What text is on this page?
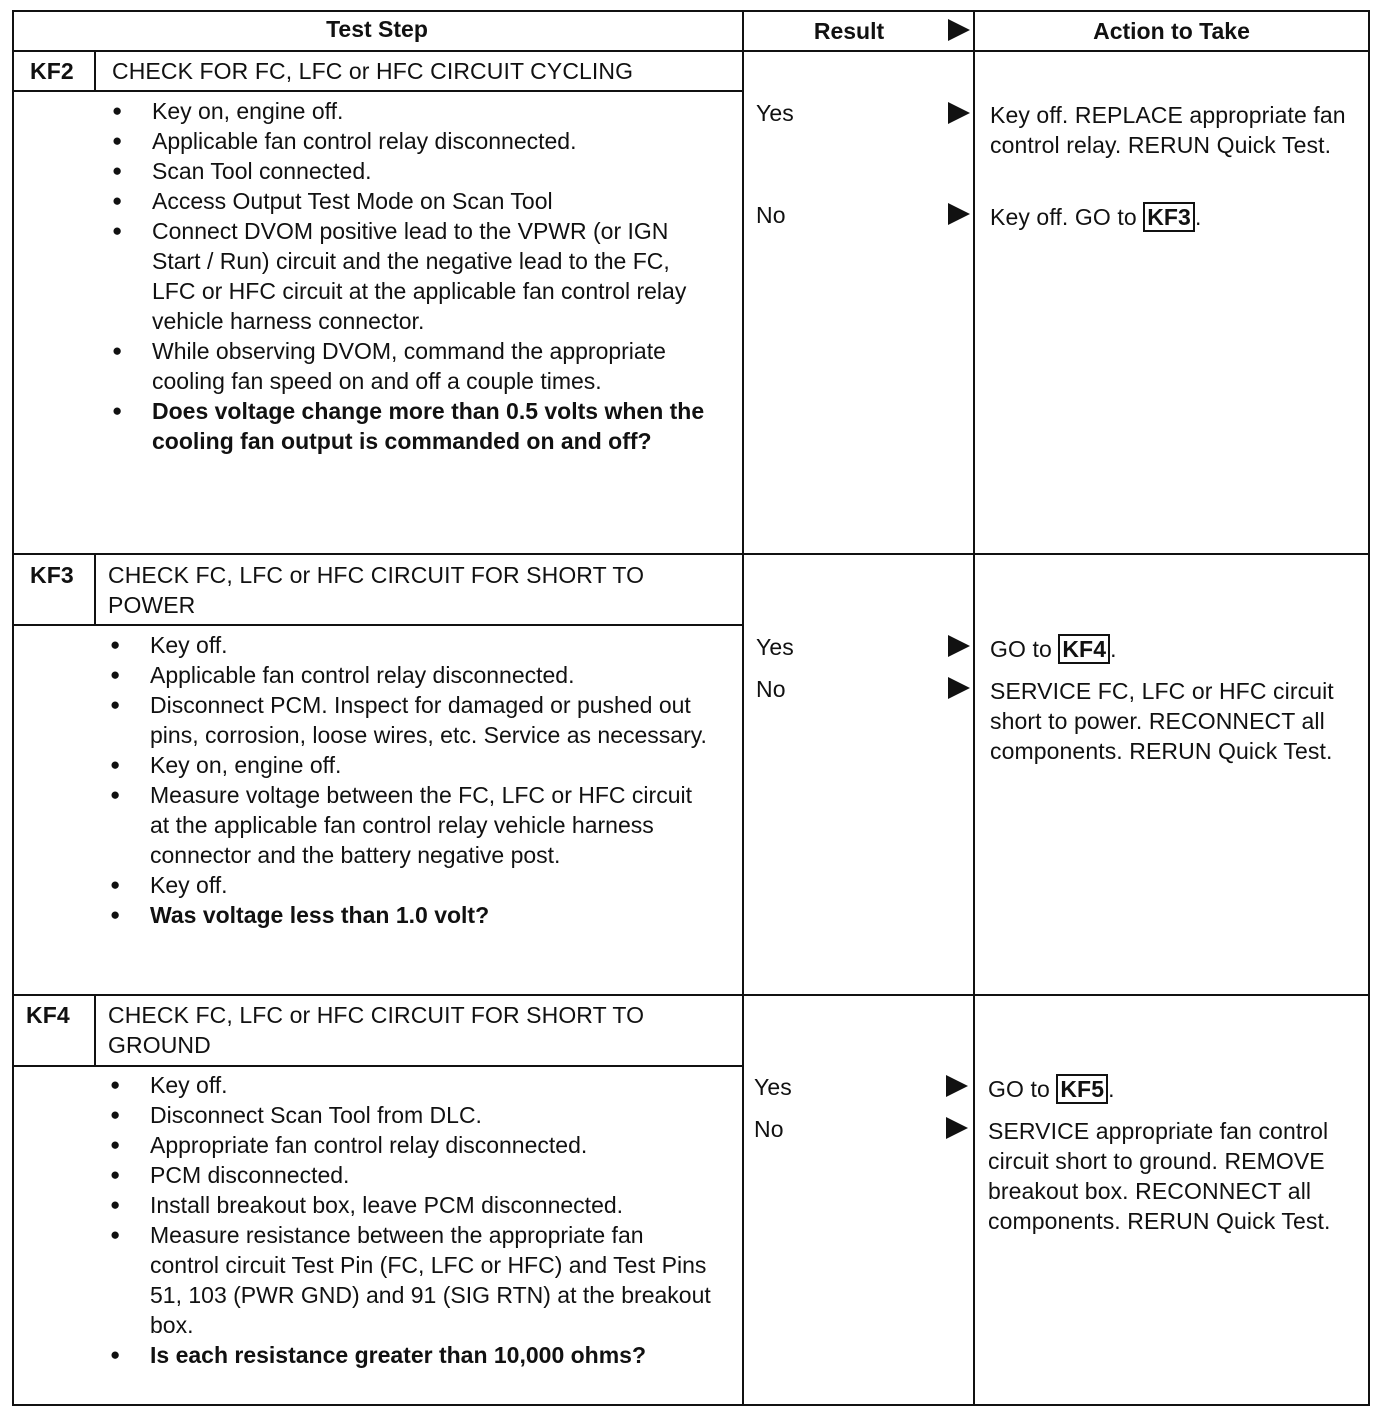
Test Step	Result	Action to Take
KF2 CHECK FOR FC, LFC or HFC CIRCUIT CYCLING
● Key on, engine off.
● Applicable fan control relay disconnected.
● Scan Tool connected.
● Access Output Test Mode on Scan Tool
● Connect DVOM positive lead to the VPWR (or IGN Start / Run) circuit and the negative lead to the FC, LFC or HFC circuit at the applicable fan control relay vehicle harness connector.
● While observing DVOM, command the appropriate cooling fan speed on and off a couple times.
● Does voltage change more than 0.5 volts when the cooling fan output is commanded on and off?
Yes	Key off. REPLACE appropriate fan control relay. RERUN Quick Test.
No	Key off. GO to KF3 .
KF3 CHECK FC, LFC or HFC CIRCUIT FOR SHORT TO POWER
● Key off.
● Applicable fan control relay disconnected.
● Disconnect PCM. Inspect for damaged or pushed out pins, corrosion, loose wires, etc. Service as necessary.
● Key on, engine off.
● Measure voltage between the FC, LFC or HFC circuit at the applicable fan control relay vehicle harness connector and the battery negative post.
● Key off.
● Was voltage less than 1.0 volt?
Yes	GO to KF4 .
No	SERVICE FC, LFC or HFC circuit short to power. RECONNECT all components. RERUN Quick Test.
KF4 CHECK FC, LFC or HFC CIRCUIT FOR SHORT TO GROUND
● Key off.
● Disconnect Scan Tool from DLC.
● Appropriate fan control relay disconnected.
● PCM disconnected.
● Install breakout box, leave PCM disconnected.
● Measure resistance between the appropriate fan control circuit Test Pin (FC, LFC or HFC) and Test Pins 51, 103 (PWR GND) and 91 (SIG RTN) at the breakout box.
● Is each resistance greater than 10,000 ohms?
Yes	GO to KF5 .
No	SERVICE appropriate fan control circuit short to ground. REMOVE breakout box. RECONNECT all components. RERUN Quick Test.
